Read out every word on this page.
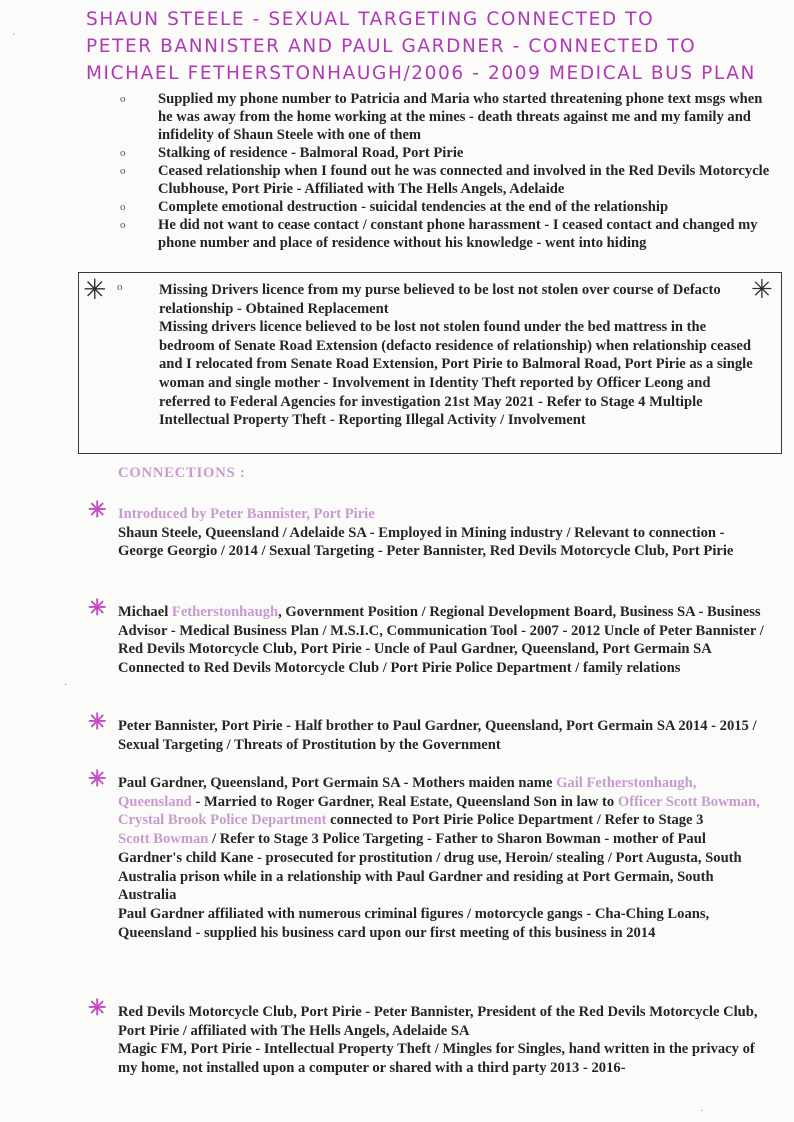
SHAUN STEELE - SEXUAL TARGETING CONNECTED TO
PETER BANNISTER AND PAUL GARDNER - CONNECTED TO
MICHAEL FETHERSTONHAUGH/2006 - 2009 MEDICAL BUS PLAN
o Supplied my phone number to Patricia and Maria who started threatening phone text msgs when he was away from the home working at the mines - death threats against me and my family and infidelity of Shaun Steele with one of them
o Stalking of residence - Balmoral Road, Port Pirie
o Ceased relationship when I found out he was connected and involved in the Red Devils Motorcycle Clubhouse, Port Pirie - Affiliated with The Hells Angels, Adelaide
o Complete emotional destruction - suicidal tendencies at the end of the relationship
o He did not want to cease contact / constant phone harassment - I ceased contact and changed my phone number and place of residence without his knowledge - went into hiding
✳	✳
o	Missing Drivers licence from my purse believed to be lost not stolen over course of Defacto relationship - Obtained Replacement
Missing drivers licence believed to be lost not stolen found under the bed mattress in the bedroom of Senate Road Extension (defacto residence of relationship) when relationship ceased and I relocated from Senate Road Extension, Port Pirie to Balmoral Road, Port Pirie as a single woman and single mother - Involvement in Identity Theft reported by Officer Leong and referred to Federal Agencies for investigation 21st May 2021 - Refer to Stage 4 Multiple Intellectual Property Theft - Reporting Illegal Activity / Involvement
CONNECTIONS :
✳ Introduced by Peter Bannister, Port Pirie
Shaun Steele, Queensland / Adelaide SA - Employed in Mining industry / Relevant to connection - George Georgio / 2014 / Sexual Targeting - Peter Bannister, Red Devils Motorcycle Club, Port Pirie
✳ Michael Fetherstonhaugh, Government Position / Regional Development Board, Business SA - Business Advisor - Medical Business Plan / M.S.I.C, Communication Tool - 2007 - 2012 Uncle of Peter Bannister / Red Devils Motorcycle Club, Port Pirie - Uncle of Paul Gardner, Queensland, Port Germain SA
Connected to Red Devils Motorcycle Club / Port Pirie Police Department / family relations
✳ Peter Bannister, Port Pirie - Half brother to Paul Gardner, Queensland, Port Germain SA 2014 - 2015 / Sexual Targeting / Threats of Prostitution by the Government
✳ Paul Gardner, Queensland, Port Germain SA - Mothers maiden name Gail Fetherstonhaugh, Queensland - Married to Roger Gardner, Real Estate, Queensland Son in law to Officer Scott Bowman, Crystal Brook Police Department connected to Port Pirie Police Department / Refer to Stage 3
Scott Bowman / Refer to Stage 3 Police Targeting - Father to Sharon Bowman - mother of Paul Gardner's child Kane - prosecuted for prostitution / drug use, Heroin/ stealing / Port Augusta, South Australia prison while in a relationship with Paul Gardner and residing at Port Germain, South Australia
Paul Gardner affiliated with numerous criminal figures / motorcycle gangs - Cha-Ching Loans, Queensland - supplied his business card upon our first meeting of this business in 2014
✳ Red Devils Motorcycle Club, Port Pirie - Peter Bannister, President of the Red Devils Motorcycle Club, Port Pirie / affiliated with The Hells Angels, Adelaide SA
Magic FM, Port Pirie - Intellectual Property Theft / Mingles for Singles, hand written in the privacy of my home, not installed upon a computer or shared with a third party 2013 - 2016-
·
·
·
